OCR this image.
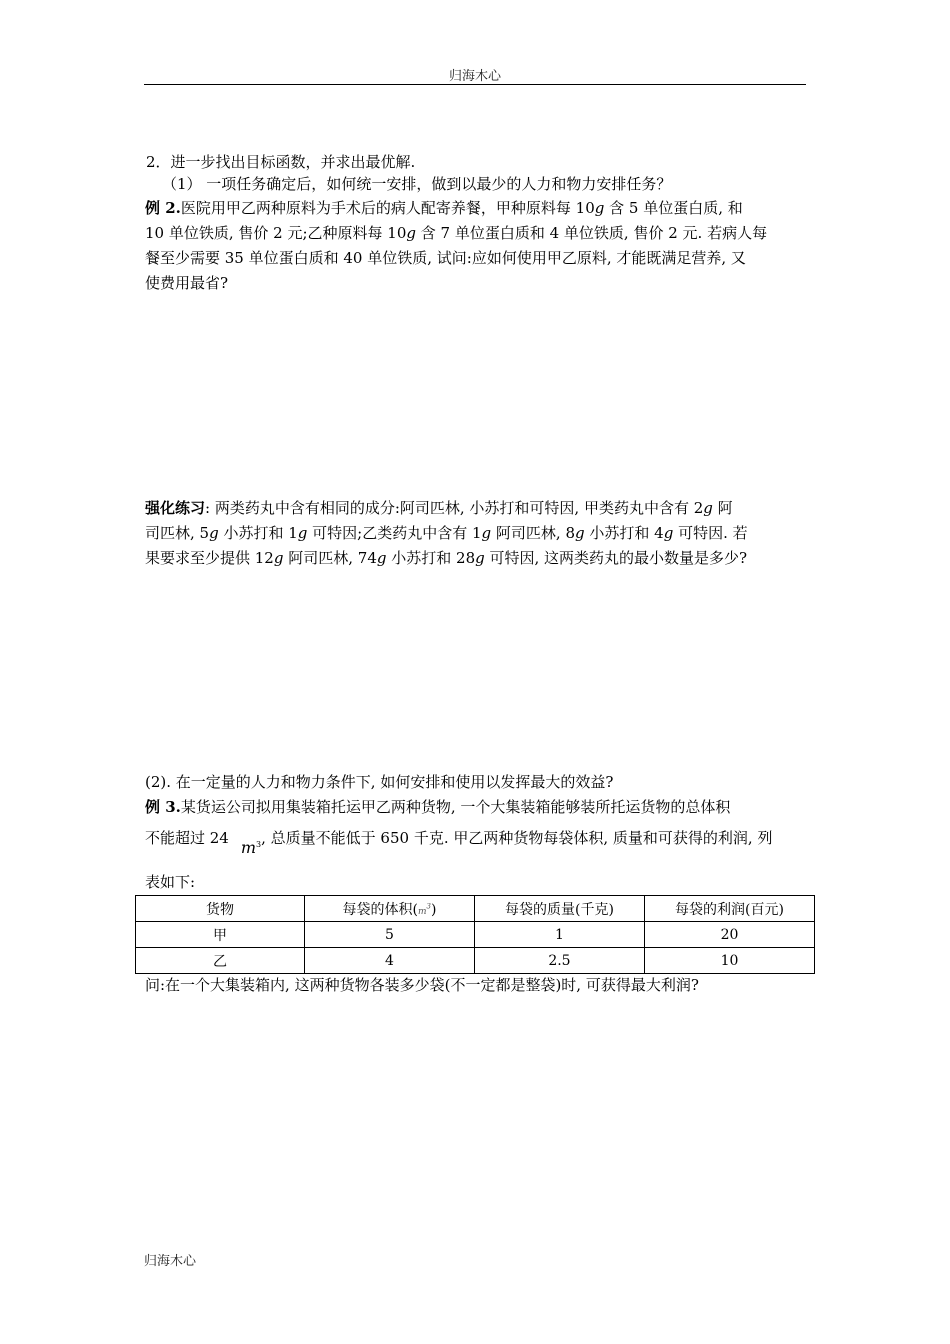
归海木心
2．进一步找出目标函数，并求出最优解.
（1） 一项任务确定后，如何统一安排，做到以最少的人力和物力安排任务？
例 2.医院用甲乙两种原料为手术后的病人配寄养餐，甲种原料每 10g 含 5 单位蛋白质, 和
10 单位铁质, 售价 2 元;乙种原料每 10g 含 7 单位蛋白质和 4 单位铁质, 售价 2 元. 若病人每
餐至少需要 35 单位蛋白质和 40 单位铁质, 试问:应如何使用甲乙原料, 才能既满足营养, 又
使费用最省?
强化练习: 两类药丸中含有相同的成分:阿司匹林, 小苏打和可特因, 甲类药丸中含有 2g 阿
司匹林, 5g 小苏打和 1g 可特因;乙类药丸中含有 1g 阿司匹林, 8g 小苏打和 4g 可特因. 若
果要求至少提供 12g 阿司匹林, 74g 小苏打和 28g 可特因, 这两类药丸的最小数量是多少?
(2). 在一定量的人力和物力条件下, 如何安排和使用以发挥最大的效益?
例 3.某货运公司拟用集装箱托运甲乙两种货物, 一个大集装箱能够装所托运货物的总体积
不能超过 24 $m^3$, 总质量不能低于 650 千克. 甲乙两种货物每袋体积, 质量和可获得的利润, 列
表如下:
货物	每袋的体积$(m^3)$	每袋的质量(千克)	每袋的利润(百元)
甲	5	1	20
乙	4	2.5	10
问:在一个大集装箱内, 这两种货物各装多少袋(不一定都是整袋)时, 可获得最大利润?
归海木心
